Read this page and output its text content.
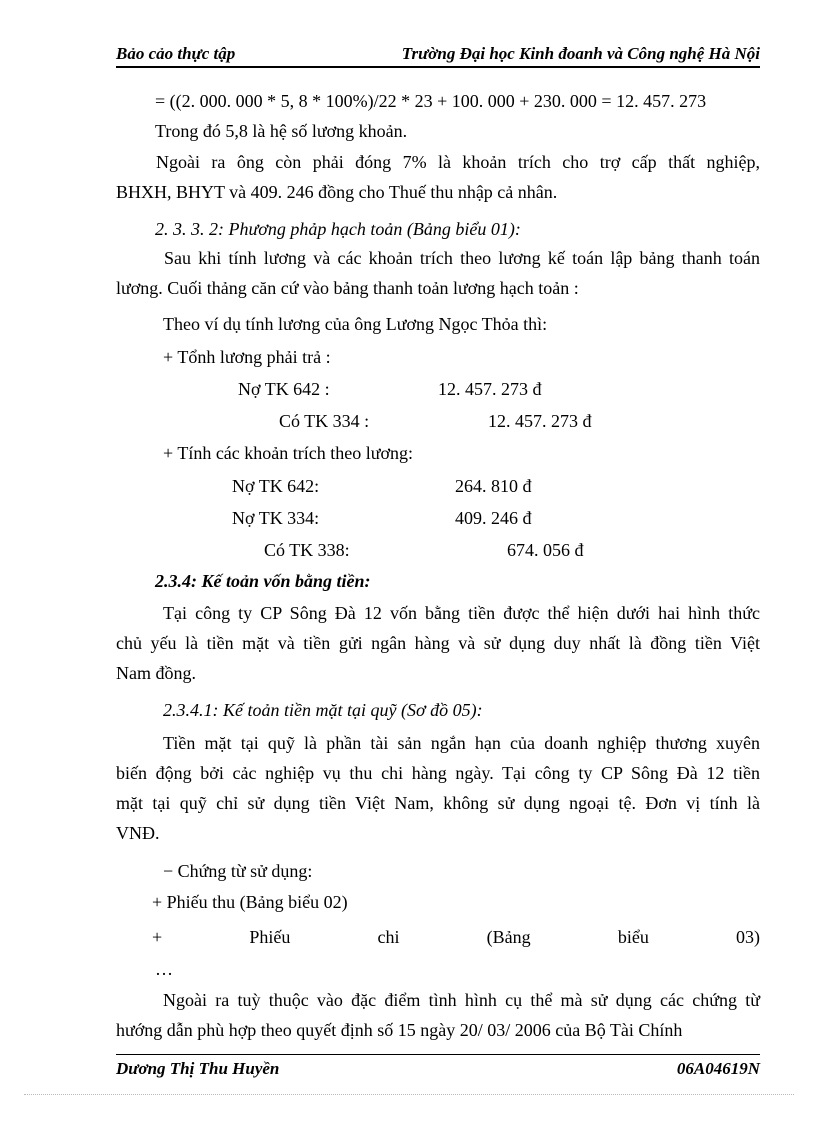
Bảo cảo thực tập	Trường Đại học Kinh đoanh và Công nghệ Hà Nội
= ((2. 000. 000 * 5, 8 * 100%)/22 * 23 + 100. 000 + 230. 000 = 12. 457. 273
Trong đó 5,8 là hệ số lương khoản.
Ngoài ra ông còn phải đóng 7% là khoản trích cho trợ cấp thất nghiệp,
BHXH, BHYT và 409. 246 đồng cho Thuế thu nhập cả nhân.
2. 3. 3. 2: Phương phảp hạch toản (Bảng biểu 01):
Sau khi tính lương và các khoản trích theo lương kế toán lập bảng thanh toán
lương. Cuối thảng căn cứ vào bảng thanh toản lương hạch toản :
Theo ví dụ tính lương của ông Lương Ngọc Thỏa thì:
+ Tổnh lương phải trả :
Nợ TK 642 :	12. 457. 273 đ
Có TK 334 :	12. 457. 273 đ
+ Tính các khoản trích theo lương:
Nợ TK 642:	264. 810 đ
Nợ TK 334:	409. 246 đ
Có TK 338:	674. 056 đ
2.3.4: Kế toản vốn bằng tiền:
Tại công ty CP Sông Đà 12 vốn bằng tiền được thể hiện dưới hai hình thức
chủ yếu là tiền mặt và tiền gửi ngân hàng và sử dụng duy nhất là đồng tiền Việt
Nam đồng.
2.3.4.1: Kế toản tiền mặt tại quỹ (Sơ đồ 05):
Tiền mặt tại quỹ là phần tài sản ngắn hạn của doanh nghiệp thương xuyên
biến động bởi cảc nghiệp vụ thu chi hàng ngày. Tại công ty CP Sông Đà 12 tiền
mặt tại quỹ chỉ sử dụng tiền Việt Nam, không sử dụng ngoại tệ. Đơn vị tính là
VNĐ.
− Chứng từ sử dụng:
+ Phiếu thu (Bảng biểu 02)
+ Phiếu chi (Bảng biểu 03)
…
Ngoài ra tuỳ thuộc vào đặc điểm tình hình cụ thể mà sử dụng các chứng từ
hướng dẫn phù hợp theo quyết định số 15 ngày 20/ 03/ 2006 của Bộ Tài Chính
Dương Thị Thu Huyền	06A04619N
